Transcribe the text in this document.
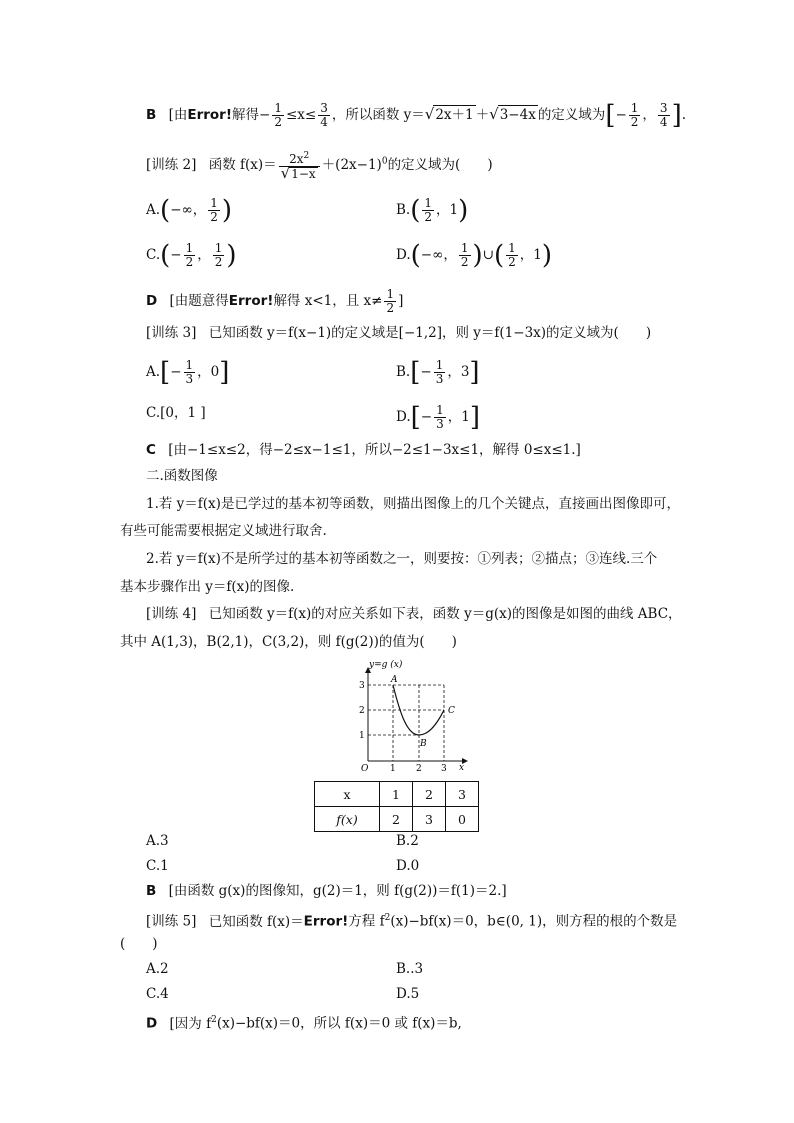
B [由Error!解得− $\frac{1}{2} \le x\le \frac{3}{4}$ ，所以函数 y＝√2x＋1 ＋√3−4x 的定义域为[− $\frac{1}{2}$ ， $\frac{3}{4}$ ].
[训练 2] 函数 $f(x)= \frac{2x^2}{√1-x} +(2x-1)^0$的定义域为(　　)
A.(−∞， $\frac{1}{2}$ )	$B.( \frac{1}{2}$ ，1)
$C.(- \frac{1}{2}$ ， $\frac{1}{2}$ )	D.(−∞， $\frac{1}{2}$ )∪( $\frac{1}{2}$ ，1)
D [由题意得Error!解得 x<1，且 $x\ne \frac{1}{2}$ ]
[训练 3] 已知函数 y＝f(x−1)的定义域是[−1,2]，则 y＝f(1−3x)的定义域为(　　)
$A.[- \frac{1}{3}$ ，0]	$B.[- \frac{1}{3}$ ，3]
C.[0，1 ]	$D.[- \frac{1}{3}$ ，1]
C [由−1≤x≤2，得−2≤x−1≤1，所以−2≤1−3x≤1，解得 0≤x≤1.]
二.函数图像
1.若 y＝f(x)是已学过的基本初等函数，则描出图像上的几个关键点，直接画出图像即可，
有些可能需要根据定义域进行取舍.
2.若 y＝f(x)不是所学过的基本初等函数之一，则要按：①列表；②描点；③连线.三个
基本步骤作出 y＝f(x)的图像.
[训练 4] 已知函数 y＝f(x)的对应关系如下表，函数 y＝g(x)的图像是如图的曲线 ABC，
其中 A(1,3)，B(2,1)，C(3,2)，则 f(g(2))的值为(　　)
y=g (x)
x
O 1 2 3
1
2
3
A
B
C
x	1	2	3
f(x)	2	3	0
A.3	B.2
C.1	D.0
B [由函数 g(x)的图像知，g(2)＝1，则 f(g(2))＝f(1)＝2.]
[训练 5] 已知函数 f(x)＝Error!方程 $f^2(x)-bf(x)=0$，b∈(0, 1)，则方程的根的个数是
(　　)
A.2	B..3
C.4	D.5
D [因为 $f^2(x)-bf(x)=0$，所以 f(x)＝0 或 f(x)＝b,
